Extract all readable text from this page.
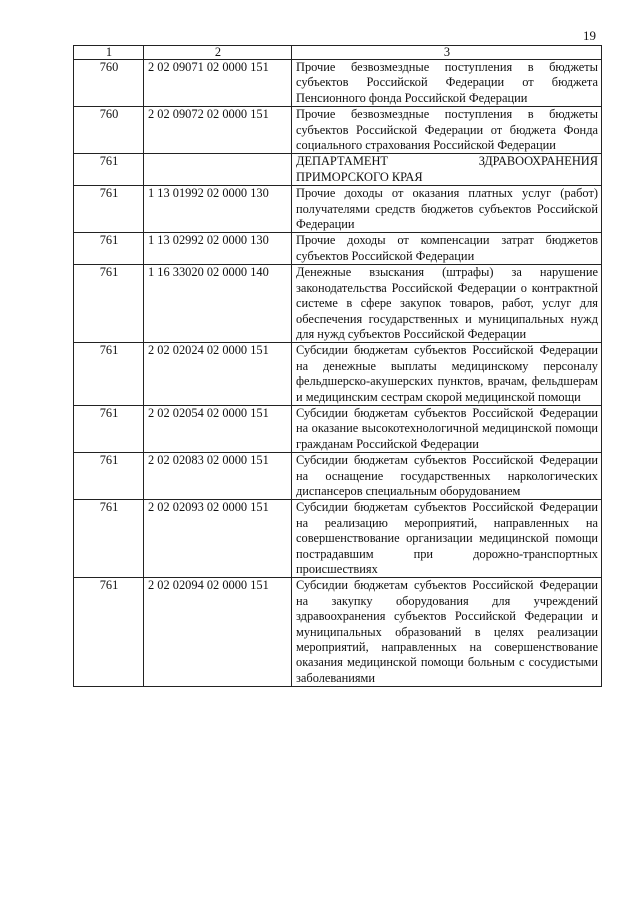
19
1	2	3
760	2 02 09071 02 0000 151	Прочие безвозмездные поступления в бюджеты субъектов Российской Федерации от бюджета Пенсионного фонда Российской Федерации
760	2 02 09072 02 0000 151	Прочие безвозмездные поступления в бюджеты субъектов Российской Федерации от бюджета Фонда социального страхования Российской Федерации
761		ДЕПАРТАМЕНТ ЗДРАВООХРАНЕНИЯ ПРИМОРСКОГО КРАЯ
761	1 13 01992 02 0000 130	Прочие доходы от оказания платных услуг (работ) получателями средств бюджетов субъектов Российской Федерации
761	1 13 02992 02 0000 130	Прочие доходы от компенсации затрат бюджетов субъектов Российской Федерации
761	1 16 33020 02 0000 140	Денежные взыскания (штрафы) за нарушение законодательства Российской Федерации о контрактной системе в сфере закупок товаров, работ, услуг для обеспечения государственных и муниципальных нужд для нужд субъектов Российской Федерации
761	2 02 02024 02 0000 151	Субсидии бюджетам субъектов Российской Федерации на денежные выплаты медицинскому персоналу фельдшерско-акушерских пунктов, врачам, фельдшерам и медицинским сестрам скорой медицинской помощи
761	2 02 02054 02 0000 151	Субсидии бюджетам субъектов Российской Федерации на оказание высокотехнологичной медицинской помощи гражданам Российской Федерации
761	2 02 02083 02 0000 151	Субсидии бюджетам субъектов Российской Федерации на оснащение государственных наркологических диспансеров специальным оборудованием
761	2 02 02093 02 0000 151	Субсидии бюджетам субъектов Российской Федерации на реализацию мероприятий, направленных на совершенствование организации медицинской помощи пострадавшим при дорожно-транспортных происшествиях
761	2 02 02094 02 0000 151	Субсидии бюджетам субъектов Российской Федерации на закупку оборудования для учреждений здравоохранения субъектов Российской Федерации и муниципальных образований в целях реализации мероприятий, направленных на совершенствование оказания медицинской помощи больным с сосудистыми заболеваниями
